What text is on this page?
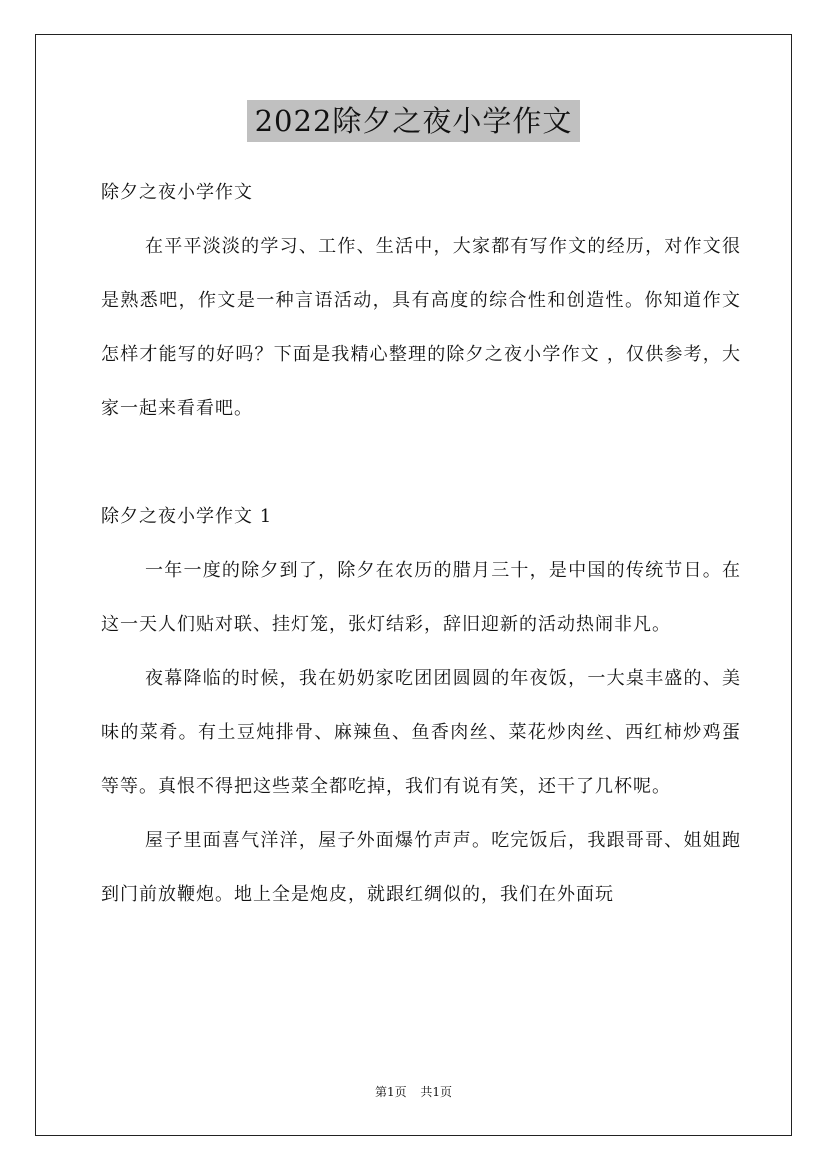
2022除夕之夜小学作文

除夕之夜小学作文

在平平淡淡的学习、工作、生活中，大家都有写作文的经历，对作文很是熟悉吧，作文是一种言语活动，具有高度的综合性和创造性。你知道作文怎样才能写的好吗？下面是我精心整理的除夕之夜小学作文 ，仅供参考，大家一起来看看吧。

除夕之夜小学作文 1

一年一度的除夕到了，除夕在农历的腊月三十，是中国的传统节日。在这一天人们贴对联、挂灯笼，张灯结彩，辞旧迎新的活动热闹非凡。

夜幕降临的时候，我在奶奶家吃团团圆圆的年夜饭，一大桌丰盛的、美味的菜肴。有土豆炖排骨、麻辣鱼、鱼香肉丝、菜花炒肉丝、西红柿炒鸡蛋等等。真恨不得把这些菜全都吃掉，我们有说有笑，还干了几杯呢。

屋子里面喜气洋洋，屋子外面爆竹声声。吃完饭后，我跟哥哥、姐姐跑到门前放鞭炮。地上全是炮皮，就跟红绸似的，我们在外面玩

第1页 共1页
